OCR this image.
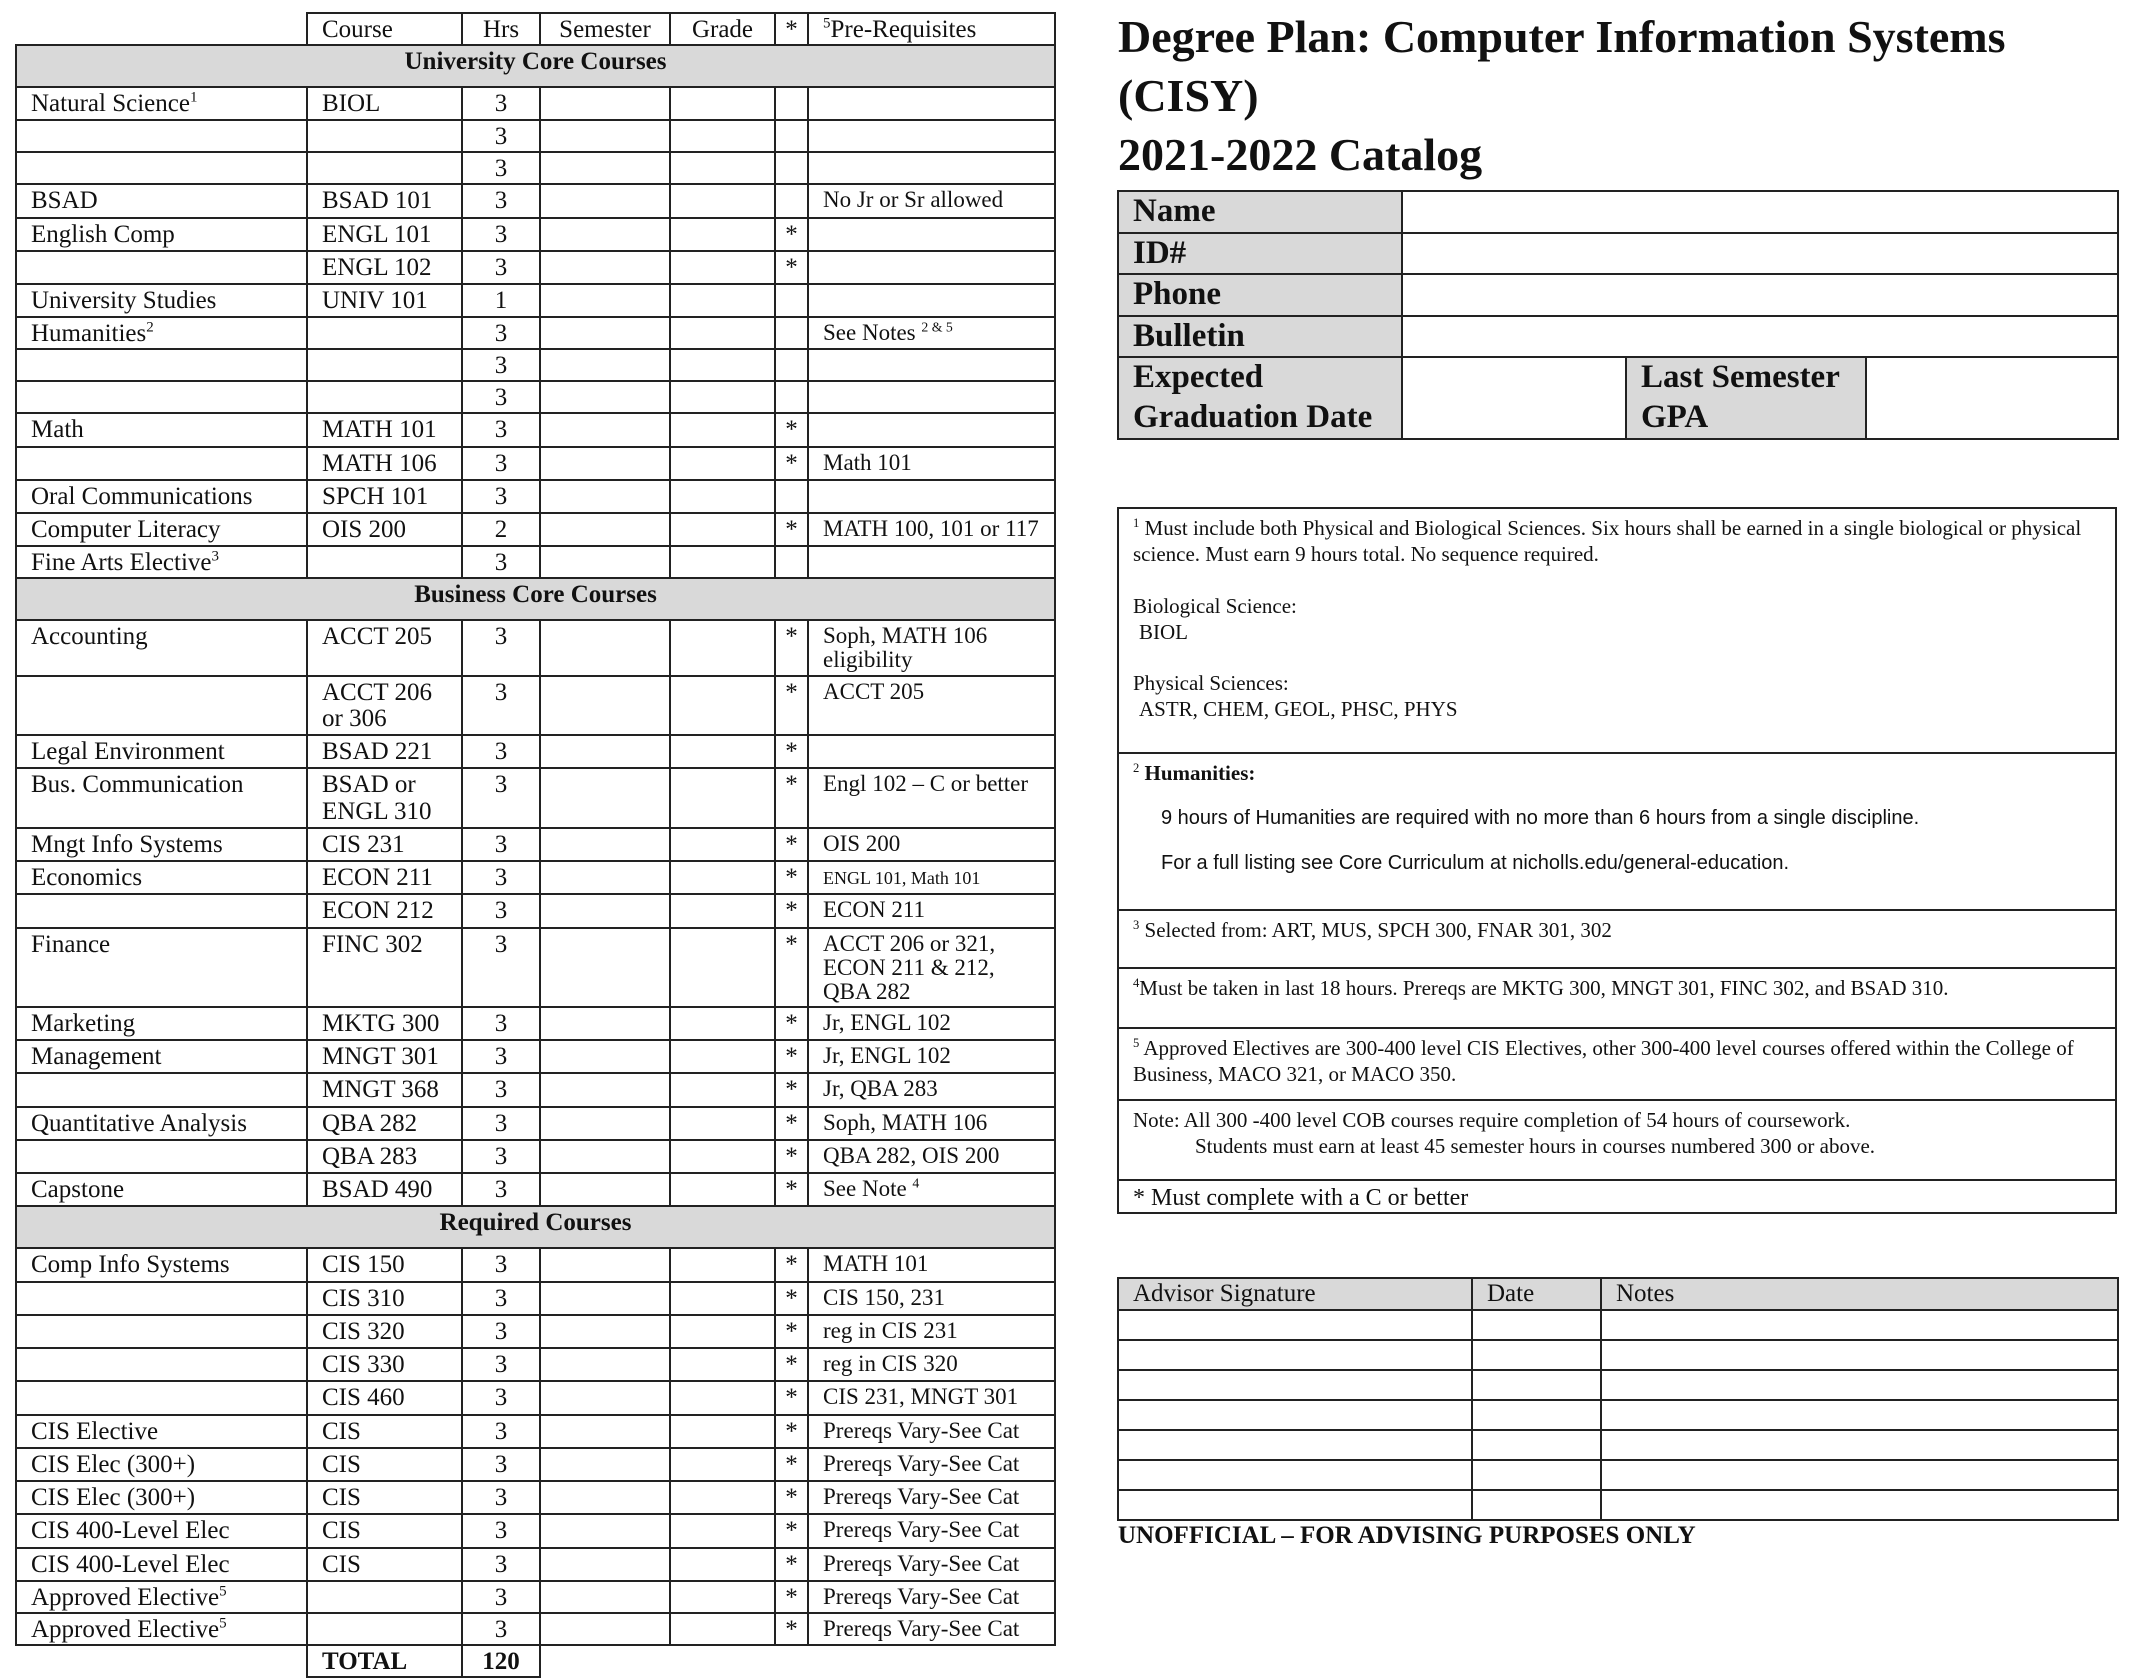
	Course	Hrs	Semester	Grade	*	$^5$Pre-Requisites
University Core Courses						
Natural Science$^1$	BIOL	3				
		3				
		3				
BSAD	BSAD 101	3				No Jr or Sr allowed
English Comp	ENGL 101	3			*	
	ENGL 102	3			*	
University Studies	UNIV 101	1				
Humanities$^2$		3				See Notes $^{2 \& 5}$
		3				
		3				
Math	MATH 101	3			*	
	MATH 106	3			*	Math 101
Oral Communications	SPCH 101	3				
Computer Literacy	OIS 200	2			*	MATH 100, 101 or 117
Fine Arts Elective$^3$		3				
Business Core Courses						
Accounting	ACCT 205	3			*	Soph, MATH 106 eligibility
	ACCT 206 or 306	3			*	ACCT 205
Legal Environment	BSAD 221	3			*	
Bus. Communication	BSAD or ENGL 310	3			*	Engl 102 – C or better
Mngt Info Systems	CIS 231	3			*	OIS 200
Economics	ECON 211	3			*	ENGL 101, Math 101
	ECON 212	3			*	ECON 211
Finance	FINC 302	3			*	ACCT 206 or 321, ECON 211 & 212, QBA 282
Marketing	MKTG 300	3			*	Jr, ENGL 102
Management	MNGT 301	3			*	Jr, ENGL 102
	MNGT 368	3			*	Jr, QBA 283
Quantitative Analysis	QBA 282	3			*	Soph, MATH 106
	QBA 283	3			*	QBA 282, OIS 200
Capstone	BSAD 490	3			*	See Note $^4$
Required Courses						
Comp Info Systems	CIS 150	3			*	MATH 101
	CIS 310	3			*	CIS 150, 231
	CIS 320	3			*	reg in CIS 231
	CIS 330	3			*	reg in CIS 320
	CIS 460	3			*	CIS 231, MNGT 301
CIS Elective	CIS	3			*	Prereqs Vary-See Cat
CIS Elec (300+)	CIS	3			*	Prereqs Vary-See Cat
CIS Elec (300+)	CIS	3			*	Prereqs Vary-See Cat
CIS 400-Level Elec	CIS	3			*	Prereqs Vary-See Cat
CIS 400-Level Elec	CIS	3			*	Prereqs Vary-See Cat
Approved Elective$^5$		3			*	Prereqs Vary-See Cat
Approved Elective$^5$		3			*	Prereqs Vary-See Cat
	TOTAL	120				
Degree Plan: Computer Information Systems
(CISY)
2021-2022 Catalog
Name			
ID#			
Phone			
Bulletin			
Expected
Graduation Date		Last Semester
GPA	

$^1$ Must include both Physical and Biological Sciences. Six hours shall be earned in a single biological or physical science. Must earn 9 hours total. No sequence required.

Biological Science:

BIOL

Physical Sciences:

ASTR, CHEM, GEOL, PHSC, PHYS

$^2$ Humanities:

9 hours of Humanities are required with no more than 6 hours from a single discipline.

For a full listing see Core Curriculum at nicholls.edu/general-education.

$^3$ Selected from: ART, MUS, SPCH 300, FNAR 301, 302

$^4$Must be taken in last 18 hours. Prereqs are MKTG 300, MNGT 301, FINC 302, and BSAD 310.

$^5$ Approved Electives are 300-400 level CIS Electives, other 300-400 level courses offered within the College of Business, MACO 321, or MACO 350.

Note: All 300 -400 level COB courses require completion of 54 hours of coursework.

Students must earn at least 45 semester hours in courses numbered 300 or above.

* Must complete with a C or better

Advisor Signature	Date	Notes

UNOFFICIAL – FOR ADVISING PURPOSES ONLY
